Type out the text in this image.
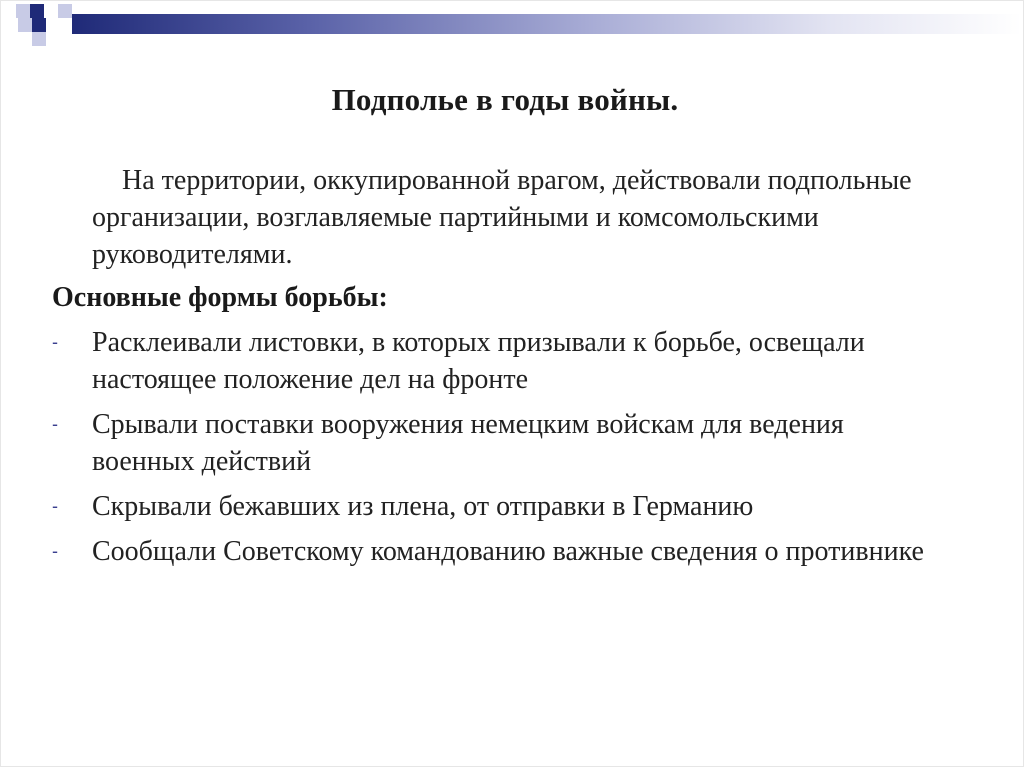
Подполье в годы войны.
На территории, оккупированной врагом, действовали подпольные организации, возглавляемые партийными и комсомольскими руководителями.
Основные формы борьбы:
- Расклеивали листовки, в которых призывали к борьбе, освещали настоящее положение дел на фронте
- Срывали поставки вооружения немецким войскам для ведения военных действий
- Скрывали бежавших из плена, от отправки в Германию
- Сообщали Советскому командованию важные сведения о противнике
